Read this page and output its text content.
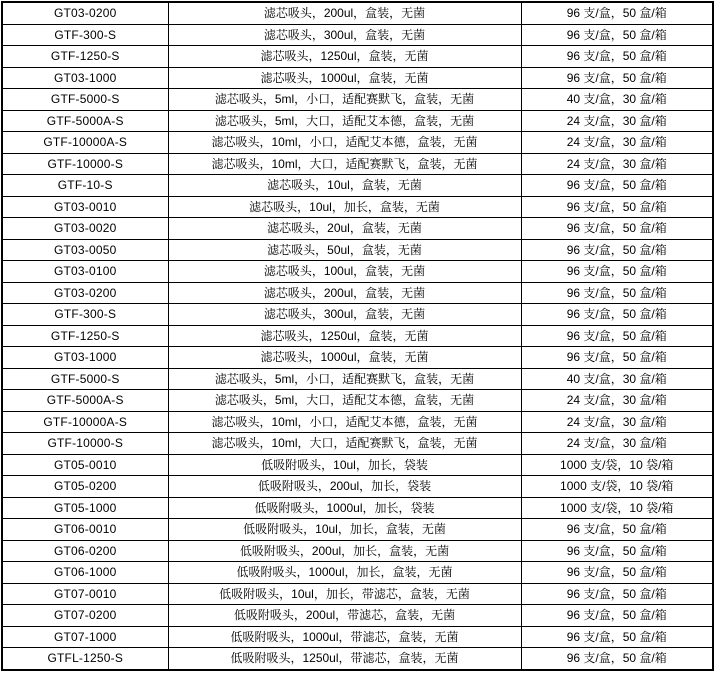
GT03-0200	滤芯吸头，200ul，盒装，无菌	96 支/盒，50 盒/箱
GTF-300-S	滤芯吸头，300ul，盒装，无菌	96 支/盒，50 盒/箱
GTF-1250-S	滤芯吸头，1250ul，盒装，无菌	96 支/盒，50 盒/箱
GT03-1000	滤芯吸头，1000ul，盒装，无菌	96 支/盒，50 盒/箱
GTF-5000-S	滤芯吸头，5ml，小口，适配赛默飞，盒装，无菌	40 支/盒，30 盒/箱
GTF-5000A-S	滤芯吸头，5ml，大口，适配艾本德，盒装，无菌	24 支/盒，30 盒/箱
GTF-10000A-S	滤芯吸头，10ml，小口，适配艾本德，盒装，无菌	24 支/盒，30 盒/箱
GTF-10000-S	滤芯吸头，10ml，大口，适配赛默飞，盒装，无菌	24 支/盒，30 盒/箱
GTF-10-S	滤芯吸头，10ul，盒装，无菌	96 支/盒，50 盒/箱
GT03-0010	滤芯吸头，10ul，加长，盒装，无菌	96 支/盒，50 盒/箱
GT03-0020	滤芯吸头，20ul，盒装，无菌	96 支/盒，50 盒/箱
GT03-0050	滤芯吸头，50ul，盒装，无菌	96 支/盒，50 盒/箱
GT03-0100	滤芯吸头，100ul，盒装，无菌	96 支/盒，50 盒/箱
GT03-0200	滤芯吸头，200ul，盒装，无菌	96 支/盒，50 盒/箱
GTF-300-S	滤芯吸头，300ul，盒装，无菌	96 支/盒，50 盒/箱
GTF-1250-S	滤芯吸头，1250ul，盒装，无菌	96 支/盒，50 盒/箱
GT03-1000	滤芯吸头，1000ul，盒装，无菌	96 支/盒，50 盒/箱
GTF-5000-S	滤芯吸头，5ml，小口，适配赛默飞，盒装，无菌	40 支/盒，30 盒/箱
GTF-5000A-S	滤芯吸头，5ml，大口，适配艾本德，盒装，无菌	24 支/盒，30 盒/箱
GTF-10000A-S	滤芯吸头，10ml，小口，适配艾本德，盒装，无菌	24 支/盒，30 盒/箱
GTF-10000-S	滤芯吸头，10ml，大口，适配赛默飞，盒装，无菌	24 支/盒，30 盒/箱
GT05-0010	低吸附吸头，10ul，加长，袋装	1000 支/袋，10 袋/箱
GT05-0200	低吸附吸头，200ul，加长，袋装	1000 支/袋，10 袋/箱
GT05-1000	低吸附吸头，1000ul，加长，袋装	1000 支/袋，10 袋/箱
GT06-0010	低吸附吸头，10ul，加长，盒装，无菌	96 支/盒，50 盒/箱
GT06-0200	低吸附吸头，200ul，加长，盒装，无菌	96 支/盒，50 盒/箱
GT06-1000	低吸附吸头，1000ul，加长，盒装，无菌	96 支/盒，50 盒/箱
GT07-0010	低吸附吸头，10ul，加长，带滤芯，盒装，无菌	96 支/盒，50 盒/箱
GT07-0200	低吸附吸头，200ul，带滤芯，盒装，无菌	96 支/盒，50 盒/箱
GT07-1000	低吸附吸头，1000ul，带滤芯，盒装，无菌	96 支/盒，50 盒/箱
GTFL-1250-S	低吸附吸头，1250ul，带滤芯，盒装，无菌	96 支/盒，50 盒/箱
